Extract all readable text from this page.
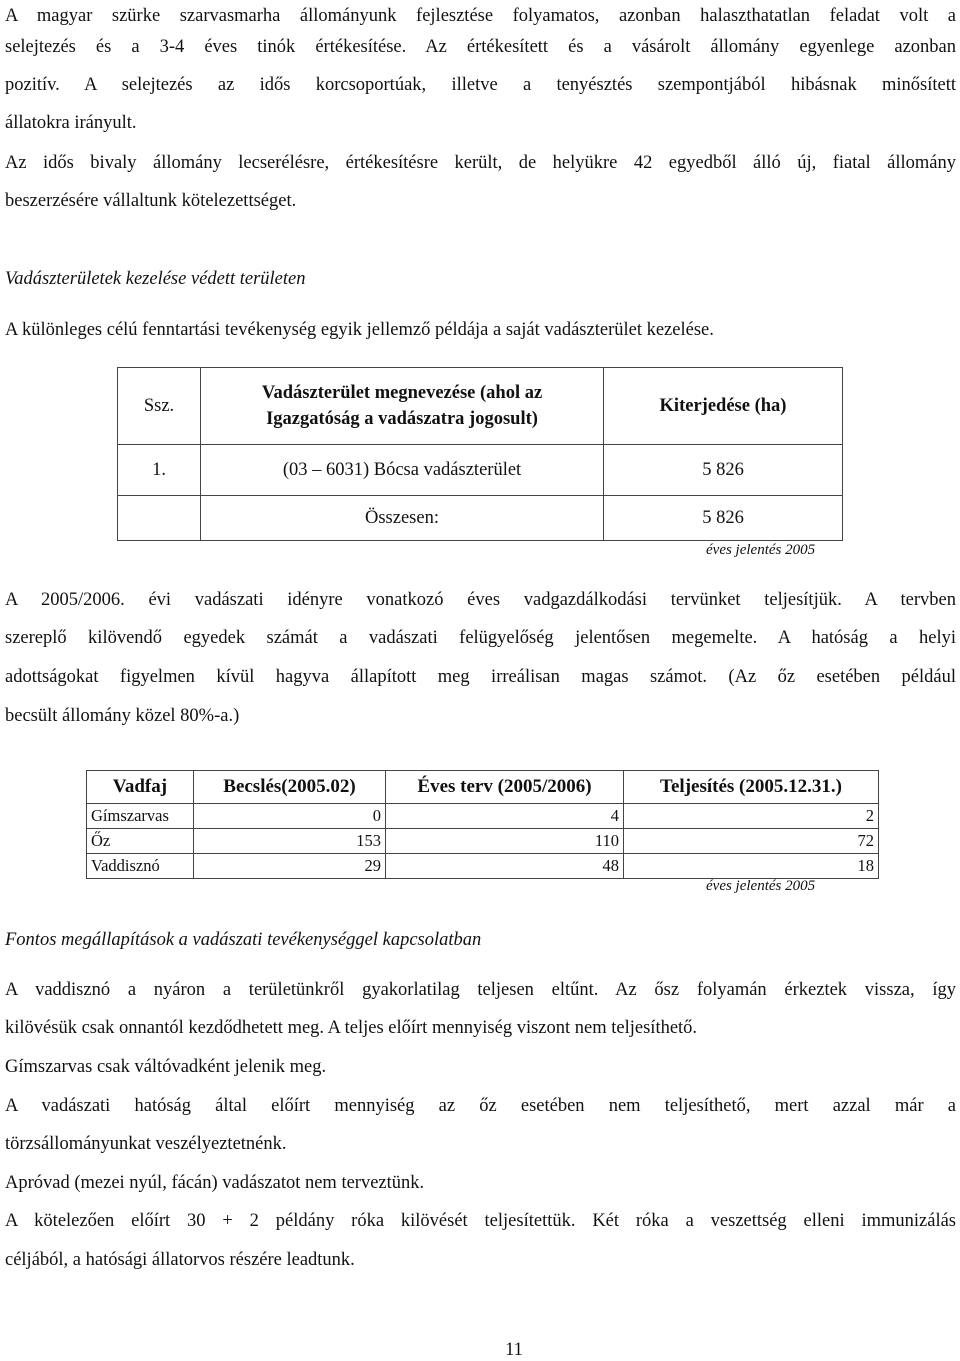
A magyar szürke szarvasmarha állományunk fejlesztése folyamatos, azonban halaszthatatlan feladat volt a

selejtezés és a 3-4 éves tinók értékesítése. Az értékesített és a vásárolt állomány egyenlege azonban

pozitív. A selejtezés az idős korcsoportúak, illetve a tenyésztés szempontjából hibásnak minősített

állatokra irányult.

Az idős bivaly állomány lecserélésre, értékesítésre került, de helyükre 42 egyedből álló új, fiatal állomány

beszerzésére vállaltunk kötelezettséget.

Vadászterületek kezelése védett területen

A különleges célú fenntartási tevékenység egyik jellemző példája a saját vadászterület kezelése.

Ssz.	Vadászterület megnevezése (ahol az
Igazgatóság a vadászatra jogosult)	Kiterjedése (ha)
1.	(03 – 6031) Bócsa vadászterület	5 826
	Összesen:	5 826
éves jelentés 2005

A 2005/2006. évi vadászati idényre vonatkozó éves vadgazdálkodási tervünket teljesítjük. A tervben

szereplő kilövendő egyedek számát a vadászati felügyelőség jelentősen megemelte. A hatóság a helyi

adottságokat figyelmen kívül hagyva állapított meg irreálisan magas számot. (Az őz esetében például

becsült állomány közel 80%-a.)

Vadfaj	Becslés(2005.02)	Éves terv (2005/2006)	Teljesítés (2005.12.31.)
Gímszarvas	0	4	2
Őz	153	110	72
Vaddisznó	29	48	18
éves jelentés 2005

Fontos megállapítások a vadászati tevékenységgel kapcsolatban

A vaddisznó a nyáron a területünkről gyakorlatilag teljesen eltűnt. Az ősz folyamán érkeztek vissza, így

kilövésük csak onnantól kezdődhetett meg. A teljes előírt mennyiség viszont nem teljesíthető.

Gímszarvas csak váltóvadként jelenik meg.

A vadászati hatóság által előírt mennyiség az őz esetében nem teljesíthető, mert azzal már a

törzsállományunkat veszélyeztetnénk.

Apróvad (mezei nyúl, fácán) vadászatot nem terveztünk.

A kötelezően előírt 30 + 2 példány róka kilövését teljesítettük. Két róka a veszettség elleni immunizálás

céljából, a hatósági állatorvos részére leadtunk.

11
